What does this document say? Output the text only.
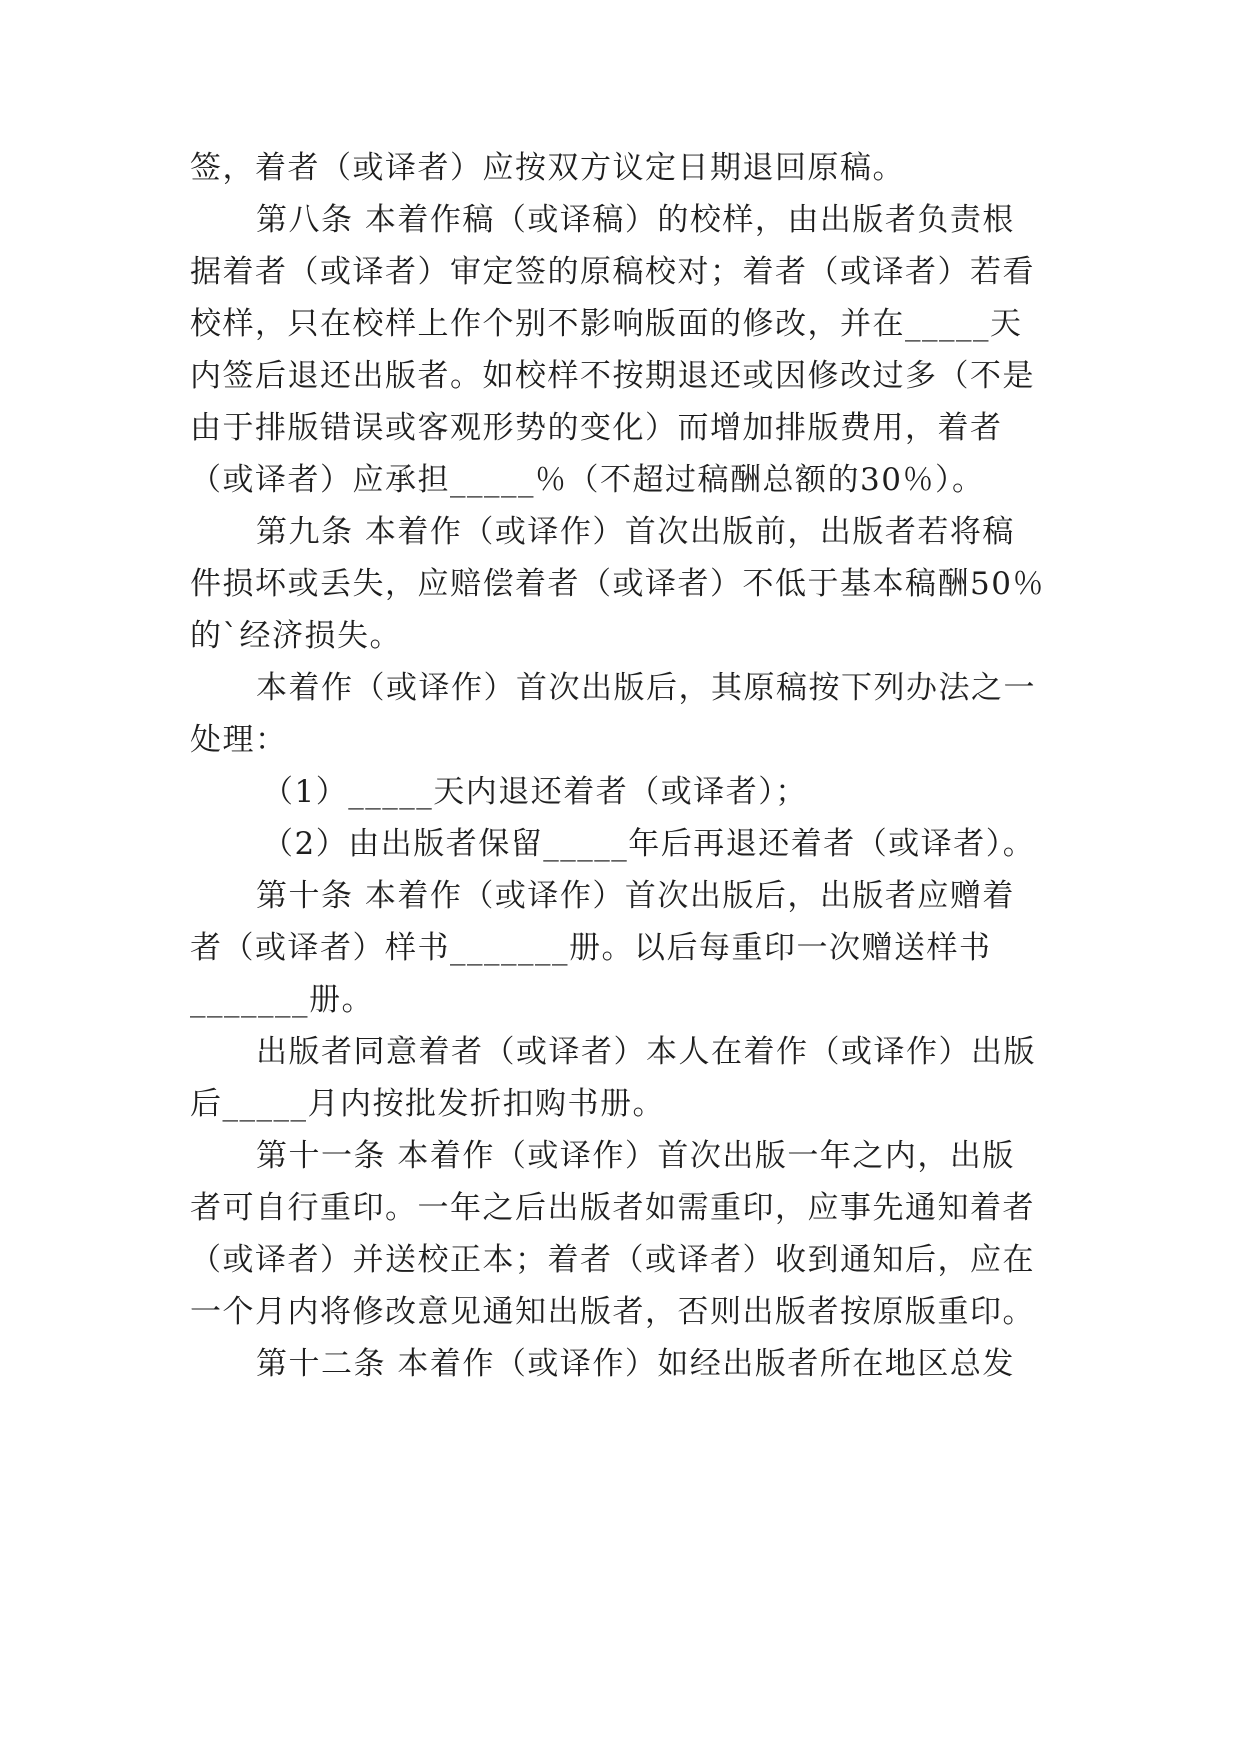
签，着者（或译者）应按双方议定日期退回原稿。
第八条 本着作稿（或译稿）的校样，由出版者负责根
据着者（或译者）审定签的原稿校对；着者（或译者）若看
校样，只在校样上作个别不影响版面的修改，并在_____天
内签后退还出版者。如校样不按期退还或因修改过多（不是
由于排版错误或客观形势的变化）而增加排版费用，着者
（或译者）应承担_____％（不超过稿酬总额的30％）。
第九条 本着作（或译作）首次出版前，出版者若将稿
件损坏或丢失，应赔偿着者（或译者）不低于基本稿酬50％
的`经济损失。
本着作（或译作）首次出版后，其原稿按下列办法之一
处理：
（1）_____天内退还着者（或译者）；
（2）由出版者保留_____年后再退还着者（或译者）。
第十条 本着作（或译作）首次出版后，出版者应赠着
者（或译者）样书_______册。以后每重印一次赠送样书
_______册。
出版者同意着者（或译者）本人在着作（或译作）出版
后_____月内按批发折扣购书册。
第十一条 本着作（或译作）首次出版一年之内，出版
者可自行重印。一年之后出版者如需重印，应事先通知着者
（或译者）并送校正本；着者（或译者）收到通知后，应在
一个月内将修改意见通知出版者，否则出版者按原版重印。
第十二条 本着作（或译作）如经出版者所在地区总发
